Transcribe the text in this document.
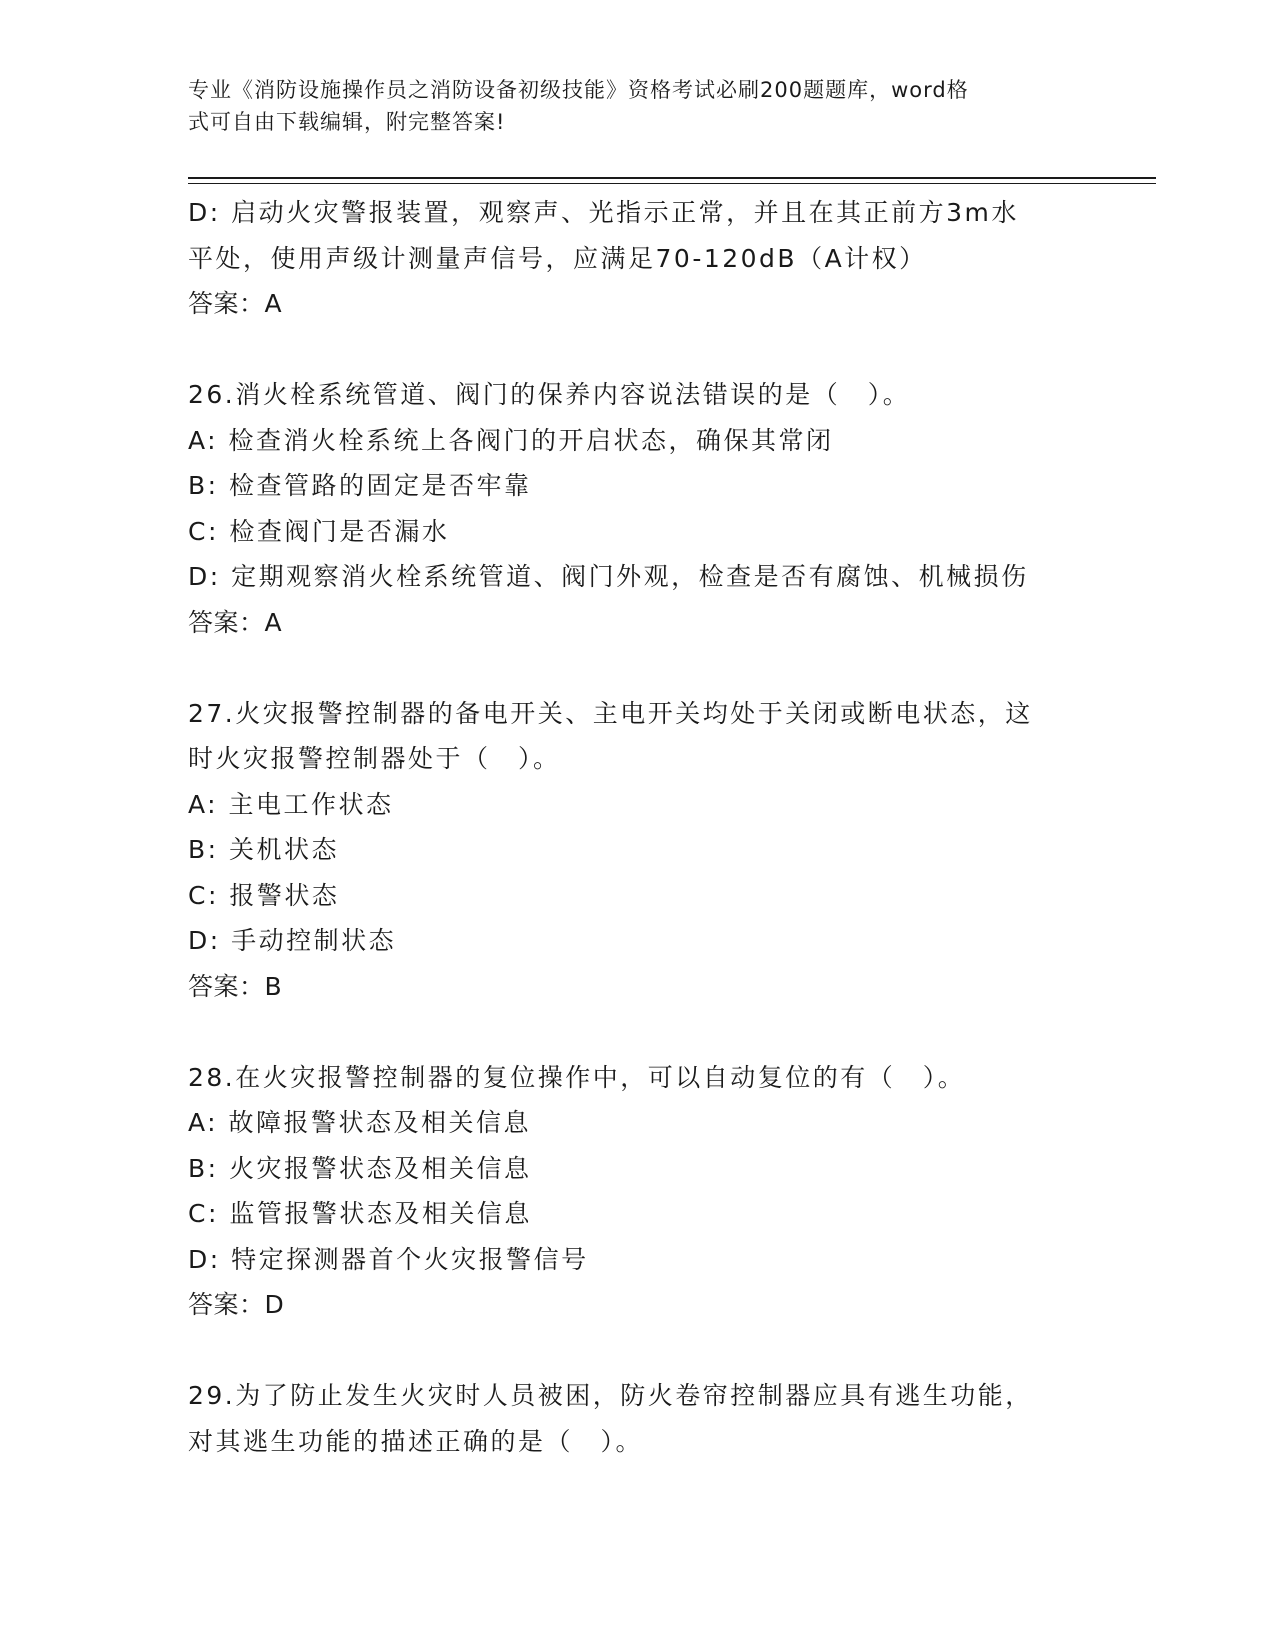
专业《消防设施操作员之消防设备初级技能》资格考试必刷200题题库，word格
式可自由下载编辑，附完整答案!

D: 启动火灾警报装置，观察声、光指示正常，并且在其正前方3m水

平处，使用声级计测量声信号，应满足70-120dB（A计权）

答案：A

26.消火栓系统管道、阀门的保养内容说法错误的是（　）。

A: 检查消火栓系统上各阀门的开启状态，确保其常闭

B: 检查管路的固定是否牢靠

C: 检查阀门是否漏水

D: 定期观察消火栓系统管道、阀门外观，检查是否有腐蚀、机械损伤

答案：A

27.火灾报警控制器的备电开关、主电开关均处于关闭或断电状态，这

时火灾报警控制器处于（　）。

A: 主电工作状态

B: 关机状态

C: 报警状态

D: 手动控制状态

答案：B

28.在火灾报警控制器的复位操作中，可以自动复位的有（　）。

A: 故障报警状态及相关信息

B: 火灾报警状态及相关信息

C: 监管报警状态及相关信息

D: 特定探测器首个火灾报警信号

答案：D

29.为了防止发生火灾时人员被困，防火卷帘控制器应具有逃生功能，

对其逃生功能的描述正确的是（　）。
